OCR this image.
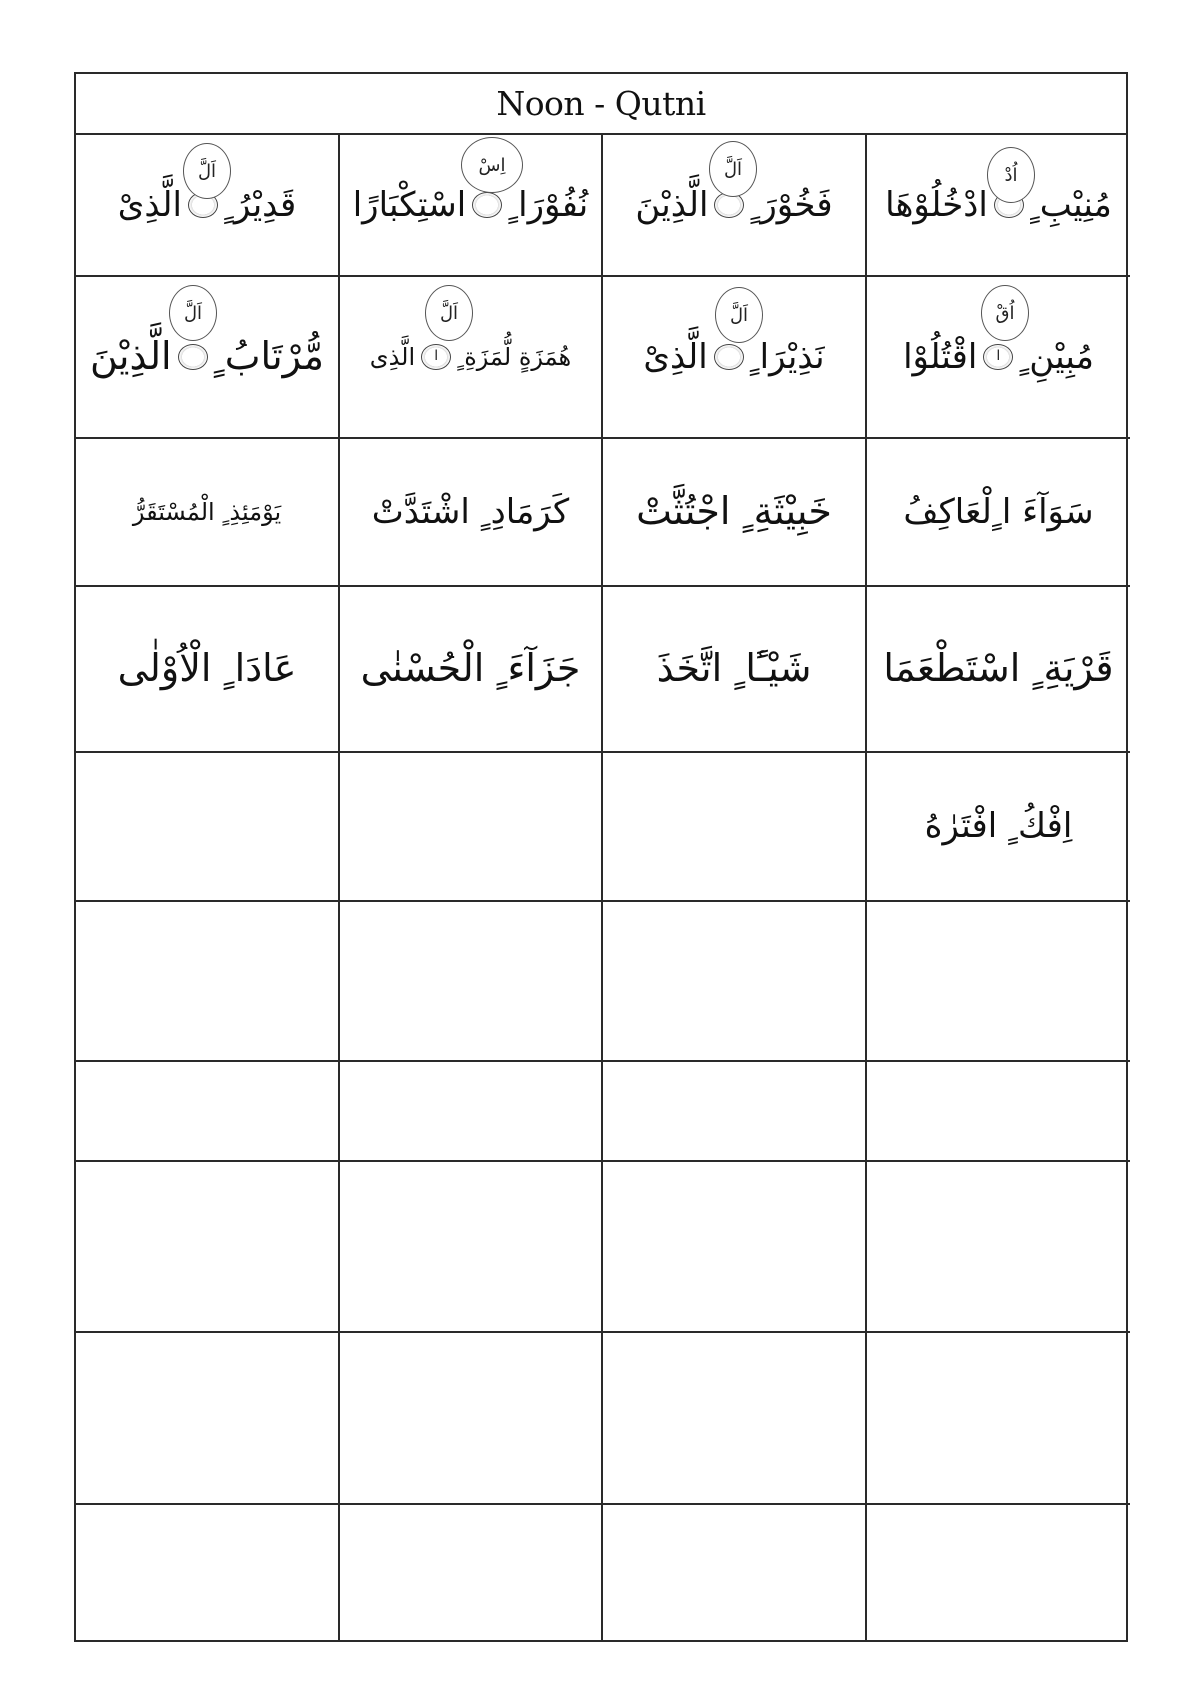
Noon - Qutni
قَدِيْرُ ٍ
الَّذِىْ
اَلَّ
نُفُوْرَا ٍ
اسْتِكْبَارًا
اِسْ
فَخُوْرَ ٍ
الَّذِيْنَ
اَلَّ
مُنِيْبِ ٍ
ادْخُلُوْهَا
اُدْ
مُّرْتَابُ ٍ
الَّذِيْنَ
اَلَّ
هُمَزَةٍ لُّمَزَةِ ٍ
ا
الَّذِى
اَلَّ
نَذِيْرَا ٍ
الَّذِىْ
اَلَّ
مُبِيْنِ ٍ
ا
اقْتُلُوْا
اُقْ
يَوْمَئِذِ ٍ الْمُسْتَقَرُّ	كَرَمَادِ ٍ اشْتَدَّتْ خَبِيْثَةِ ٍ اجْتُثَّتْ سَوَآءَ ا ٍلْعَاكِفُ
عَادَا ٍ الْاُوْلٰى جَزَآءَ ٍ الْحُسْنٰى شَيْـًٔا ٍ اتَّخَذَ قَرْيَةِ ٍ اسْتَطْعَمَا
اِفْكُ ٍ افْتَرٰهُ
